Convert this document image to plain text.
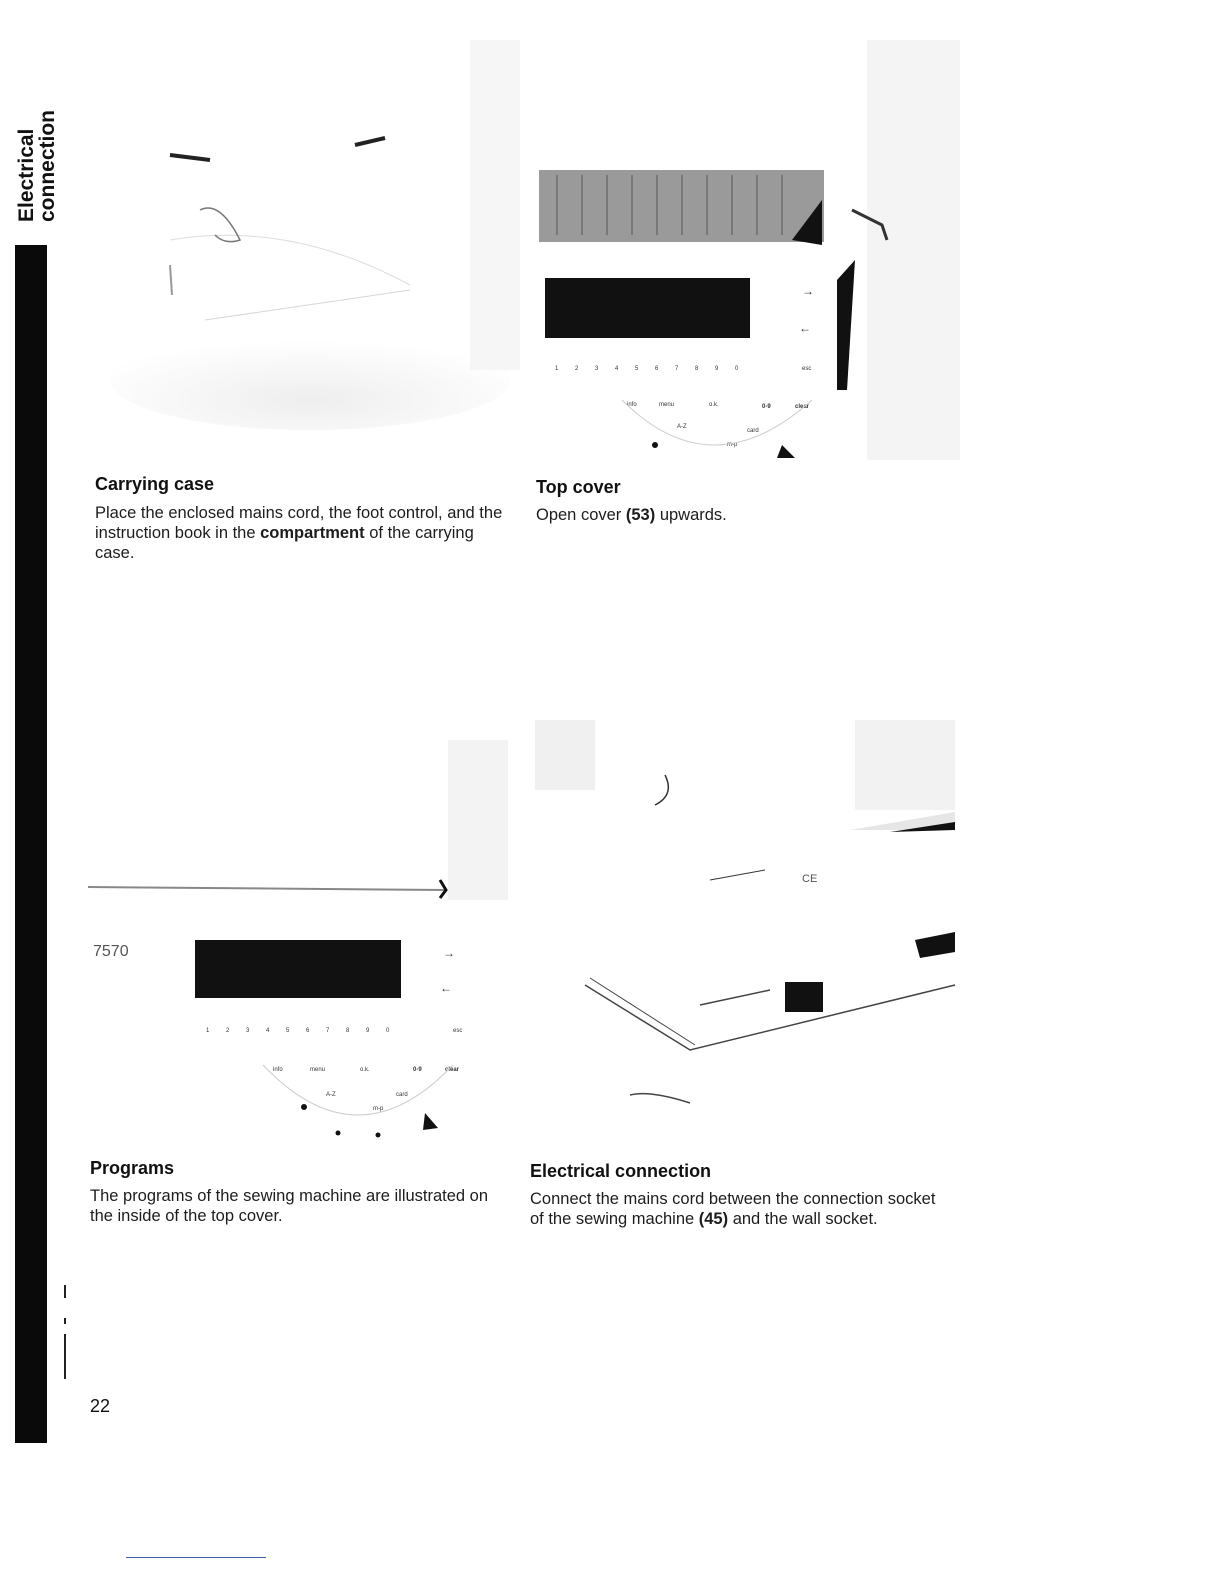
Electrical
connection
→
←
1	2	3	4	5	6	7	8	9	0	esc
info	menu	o.k.	0-9	clear
A-Z
card
m-p
Carrying case
Place the enclosed mains cord, the foot control, and the instruction book in the compartment of the carrying case.
Top cover
Open cover (53) upwards.
7570	→
←
1	2	3	4	5	6	7	8	9	0	esc
info	menu	o.k.	0-9	clear
A-Z	card
m-p
CE
Programs
The programs of the sewing machine are illustrated on the inside of the top cover.
Electrical connection
Connect the mains cord between the connection socket of the sewing machine (45) and the wall socket.
22
